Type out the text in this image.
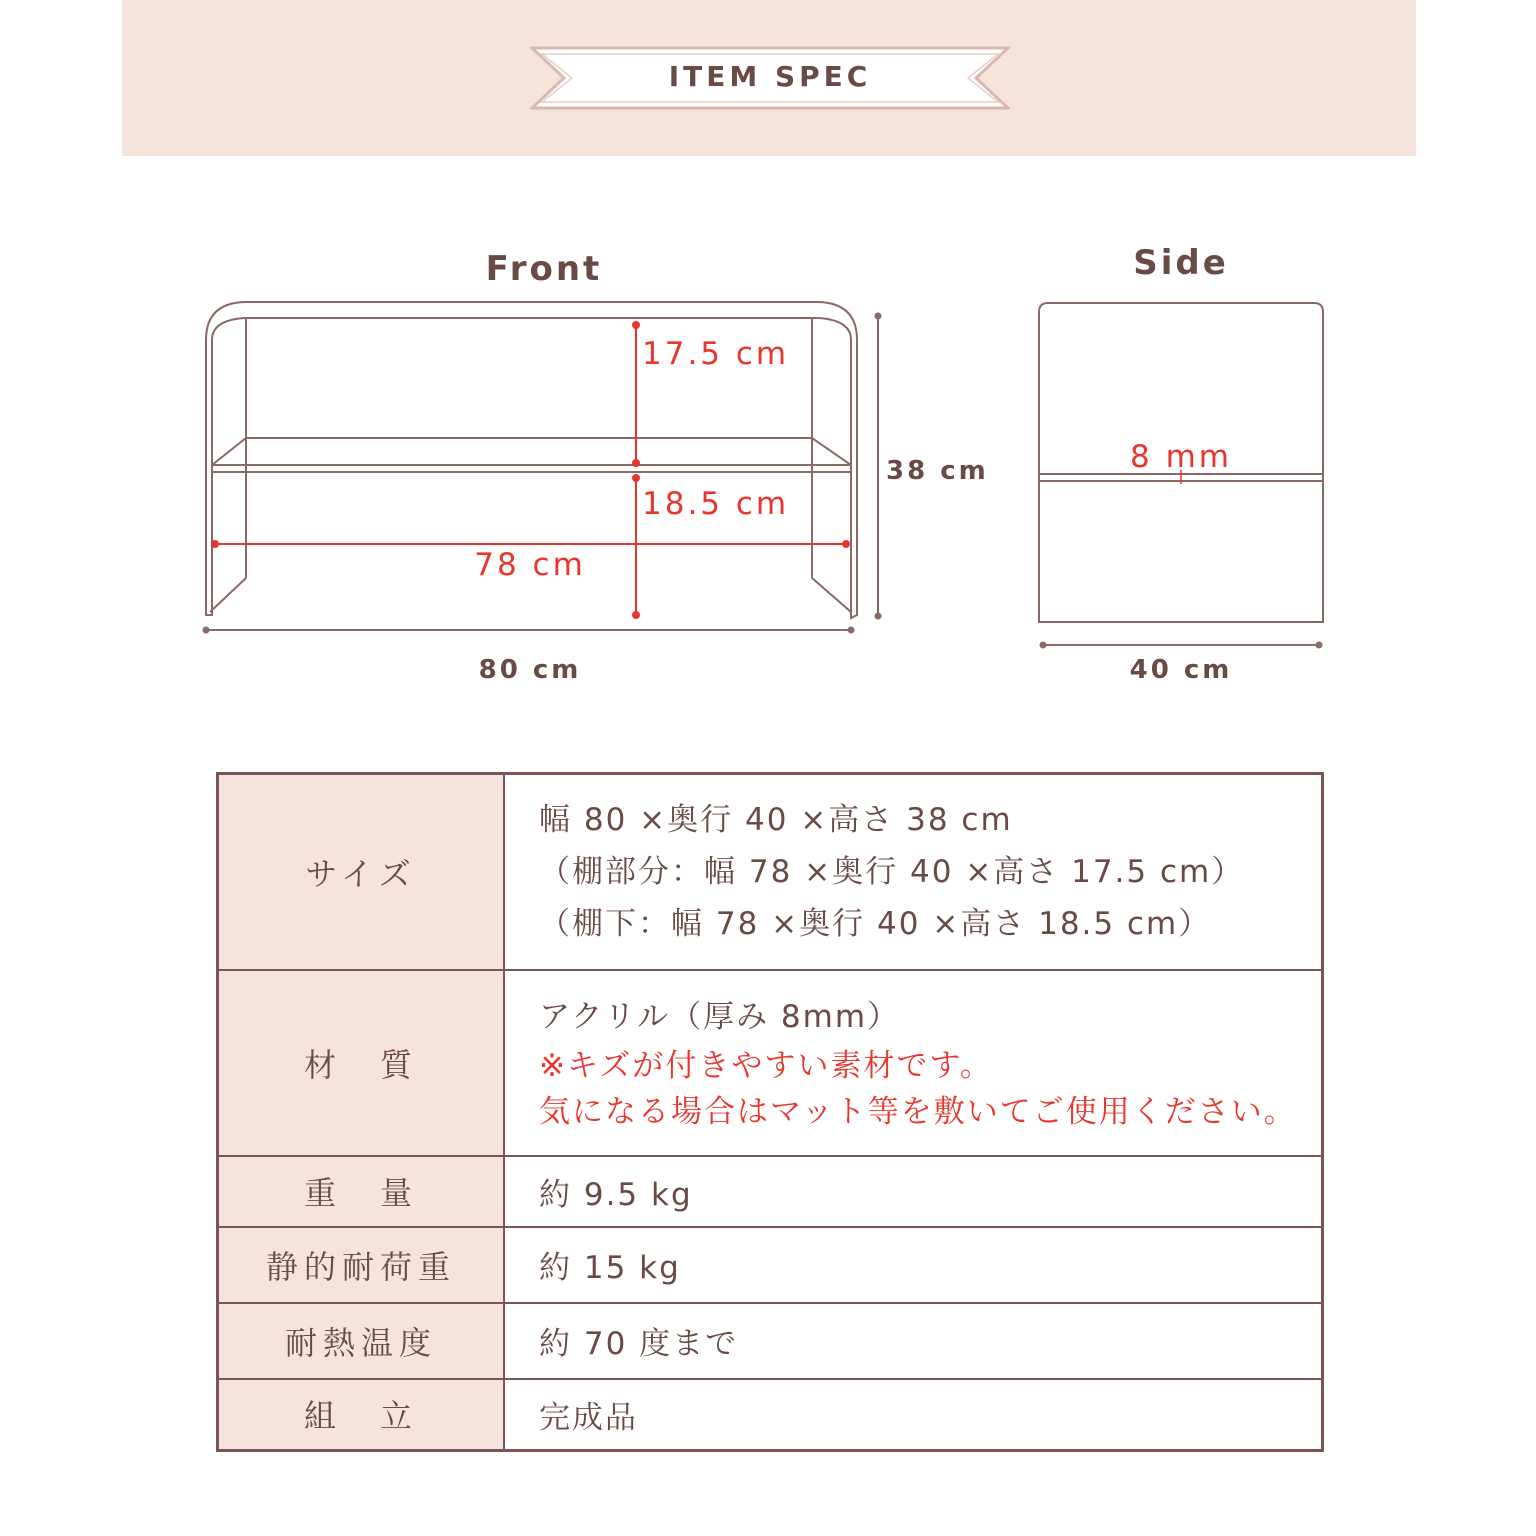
ITEM SPEC
Front
17.5 cm
18.5 cm
78 cm
38 cm
80 cm
Side
8 mm
40 cm
サイズ	幅 80 ×奥行 40 ×高さ 38 cm
（棚部分：幅 78 ×奥行 40 ×高さ 17.5 cm）
（棚下：幅 78 ×奥行 40 ×高さ 18.5 cm）

材　質	アクリル（厚み 8mm）
※キズが付きやすい素材です。
気になる場合はマット等を敷いてご使用ください。

重　量	約 9.5 kg
静的耐荷重	約 15 kg
耐熱温度	約 70 度まで
組　立	完成品
